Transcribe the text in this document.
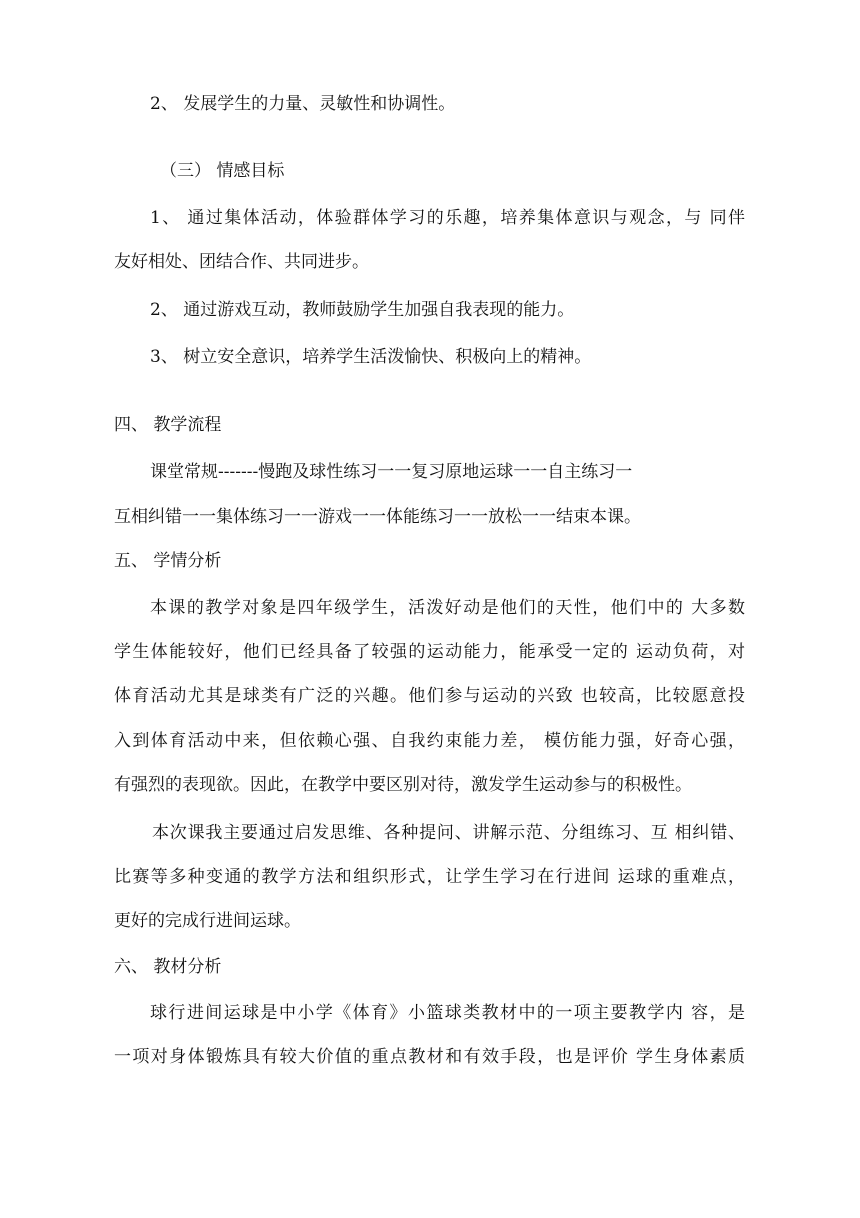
2、 发展学生的力量、灵敏性和协调性。
（三） 情感目标
1、 通过集体活动，体验群体学习的乐趣，培养集体意识与观念，与 同伴
友好相处、团结合作、共同进步。
2、 通过游戏互动，教师鼓励学生加强自我表现的能力。
3、 树立安全意识，培养学生活泼愉快、积极向上的精神。
四、 教学流程
课堂常规-------慢跑及球性练习一一复习原地运球一一自主练习一
互相纠错一一集体练习一一游戏一一体能练习一一放松一一结束本课。
五、 学情分析
本课的教学对象是四年级学生，活泼好动是他们的天性，他们中的 大多数
学生体能较好，他们已经具备了较强的运动能力，能承受一定的 运动负荷，对
体育活动尤其是球类有广泛的兴趣。他们参与运动的兴致 也较高，比较愿意投
入到体育活动中来，但依赖心强、自我约束能力差， 模仿能力强，好奇心强，
有强烈的表现欲。因此，在教学中要区别对待，激发学生运动参与的积极性。
本次课我主要通过启发思维、各种提问、讲解示范、分组练习、互 相纠错、
比赛等多种变通的教学方法和组织形式，让学生学习在行进间 运球的重难点，
更好的完成行进间运球。
六、 教材分析
球行进间运球是中小学《体育》小篮球类教材中的一项主要教学内 容，是
一项对身体锻炼具有较大价值的重点教材和有效手段，也是评价 学生身体素质
